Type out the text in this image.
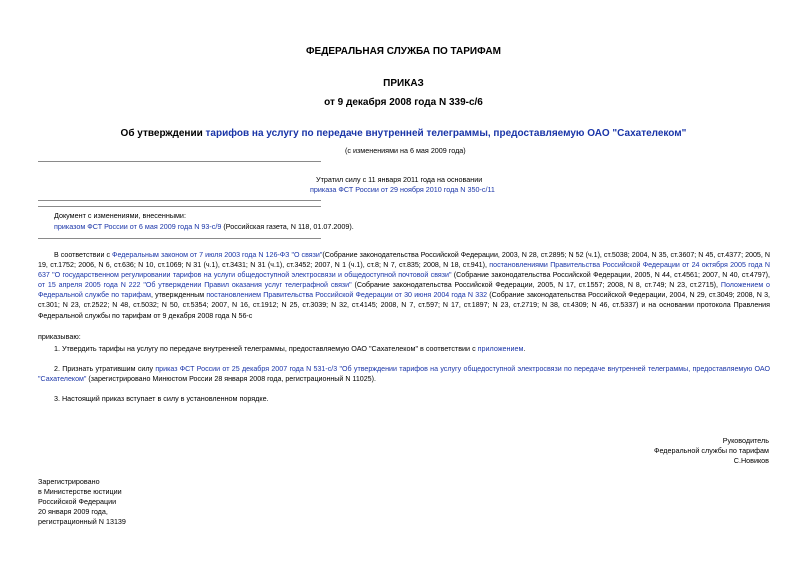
ФЕДЕРАЛЬНАЯ СЛУЖБА ПО ТАРИФАМ
ПРИКАЗ
от 9 декабря 2008 года N 339-с/6
Об утверждении тарифов на услугу по передаче внутренней телеграммы, предоставляемую ОАО "Сахателеком"
(с изменениями на 6 мая 2009 года)
Утратил силу с 11 января 2011 года на основании
приказа ФСТ России от 29 ноября 2010 года N 350-с/11
Документ с изменениями, внесенными:
приказом ФСТ России от 6 мая 2009 года N 93-с/9 (Российская газета, N 118, 01.07.2009).
В соответствии с Федеральным законом от 7 июля 2003 года N 126-ФЗ "О связи"(Собрание законодательства Российской Федерации, 2003, N 28, ст.2895; N 52 (ч.1), ст.5038; 2004, N 35, ст.3607; N 45, ст.4377; 2005, N 19, ст.1752; 2006, N 6, ст.636; N 10, ст.1069; N 31 (ч.1), ст.3431; N 31 (ч.1), ст.3452; 2007, N 1 (ч.1), ст.8; N 7, ст.835; 2008, N 18, ст.941), постановлениями Правительства Российской Федерации от 24 октября 2005 года N 637 "О государственном регулировании тарифов на услуги общедоступной электросвязи и общедоступной почтовой связи" (Собрание законодательства Российской Федерации, 2005, N 44, ст.4561; 2007, N 40, ст.4797), от 15 апреля 2005 года N 222 "Об утверждении Правил оказания услуг телеграфной связи" (Собрание законодательства Российской Федерации, 2005, N 17, ст.1557; 2008, N 8, ст.749; N 23, ст.2715), Положением о Федеральной службе по тарифам, утвержденным постановлением Правительства Российской Федерации от 30 июня 2004 года N 332 (Собрание законодательства Российской Федерации, 2004, N 29, ст.3049; 2008, N 3, ст.301; N 23, ст.2522; N 48, ст.5032; N 50, ст.5354; 2007, N 16, ст.1912; N 25, ст.3039; N 32, ст.4145; 2008, N 7, ст.597; N 17, ст.1897; N 23, ст.2719; N 38, ст.4309; N 46, ст.5337) и на основании протокола Правления Федеральной службы по тарифам от 9 декабря 2008 года N 56-с
приказываю:
1. Утвердить тарифы на услугу по передаче внутренней телеграммы, предоставляемую ОАО "Сахателеком" в соответствии с приложением.
2. Признать утратившим силу приказ ФСТ России от 25 декабря 2007 года N 531-с/3 "Об утверждении тарифов на услугу общедоступной электросвязи по передаче внутренней телеграммы, предоставляемую ОАО "Сахателеком" (зарегистрировано Минюстом России 28 января 2008 года, регистрационный N 11025).
3. Настоящий приказ вступает в силу в установленном порядке.
Руководитель
Федеральной службы по тарифам
С.Новиков
Зарегистрировано
в Министерстве юстиции
Российской Федерации
20 января 2009 года,
регистрационный N 13139
